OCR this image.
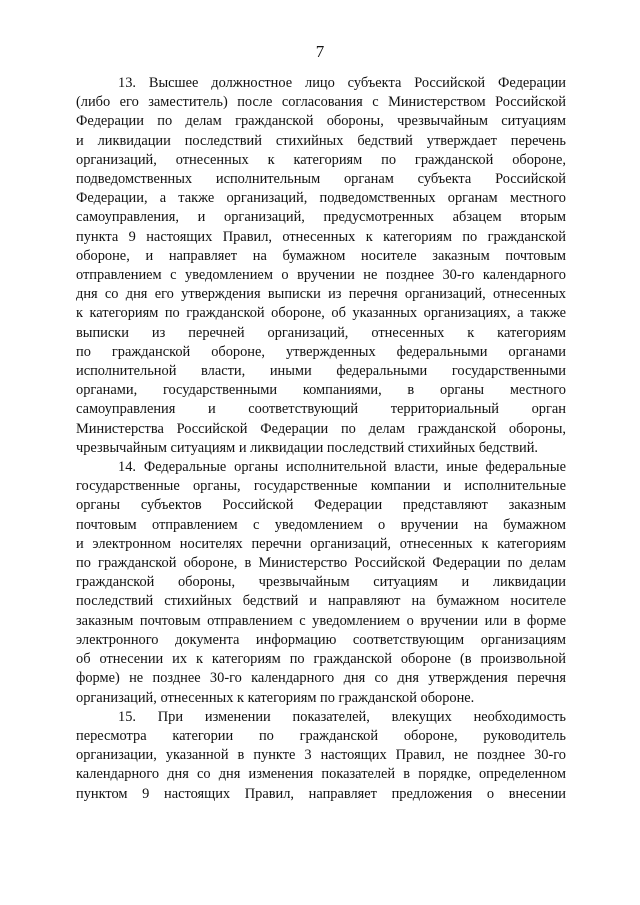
7

13. Высшее должностное лицо субъекта Российской Федерации
(либо его заместитель) после согласования с Министерством Российской
Федерации по делам гражданской обороны, чрезвычайным ситуациям
и ликвидации последствий стихийных бедствий утверждает перечень
организаций, отнесенных к категориям по гражданской обороне,
подведомственных исполнительным органам субъекта Российской
Федерации, а также организаций, подведомственных органам местного
самоуправления, и организаций, предусмотренных абзацем вторым
пункта 9 настоящих Правил, отнесенных к категориям по гражданской
обороне, и направляет на бумажном носителе заказным почтовым
отправлением с уведомлением о вручении не позднее 30-го календарного
дня со дня его утверждения выписки из перечня организаций, отнесенных
к категориям по гражданской обороне, об указанных организациях, а также
выписки из перечней организаций, отнесенных к категориям
по гражданской обороне, утвержденных федеральными органами
исполнительной власти, иными федеральными государственными
органами, государственными компаниями, в органы местного
самоуправления и соответствующий территориальный орган
Министерства Российской Федерации по делам гражданской обороны,
чрезвычайным ситуациям и ликвидации последствий стихийных бедствий.

14. Федеральные органы исполнительной власти, иные федеральные
государственные органы, государственные компании и исполнительные
органы субъектов Российской Федерации представляют заказным
почтовым отправлением с уведомлением о вручении на бумажном
и электронном носителях перечни организаций, отнесенных к категориям
по гражданской обороне, в Министерство Российской Федерации по делам
гражданской обороны, чрезвычайным ситуациям и ликвидации
последствий стихийных бедствий и направляют на бумажном носителе
заказным почтовым отправлением с уведомлением о вручении или в форме
электронного документа информацию соответствующим организациям
об отнесении их к категориям по гражданской обороне (в произвольной
форме) не позднее 30-го календарного дня со дня утверждения перечня
организаций, отнесенных к категориям по гражданской обороне.

15. При изменении показателей, влекущих необходимость
пересмотра категории по гражданской обороне, руководитель
организации, указанной в пункте 3 настоящих Правил, не позднее 30-го
календарного дня со дня изменения показателей в порядке, определенном
пунктом 9 настоящих Правил, направляет предложения о внесении
